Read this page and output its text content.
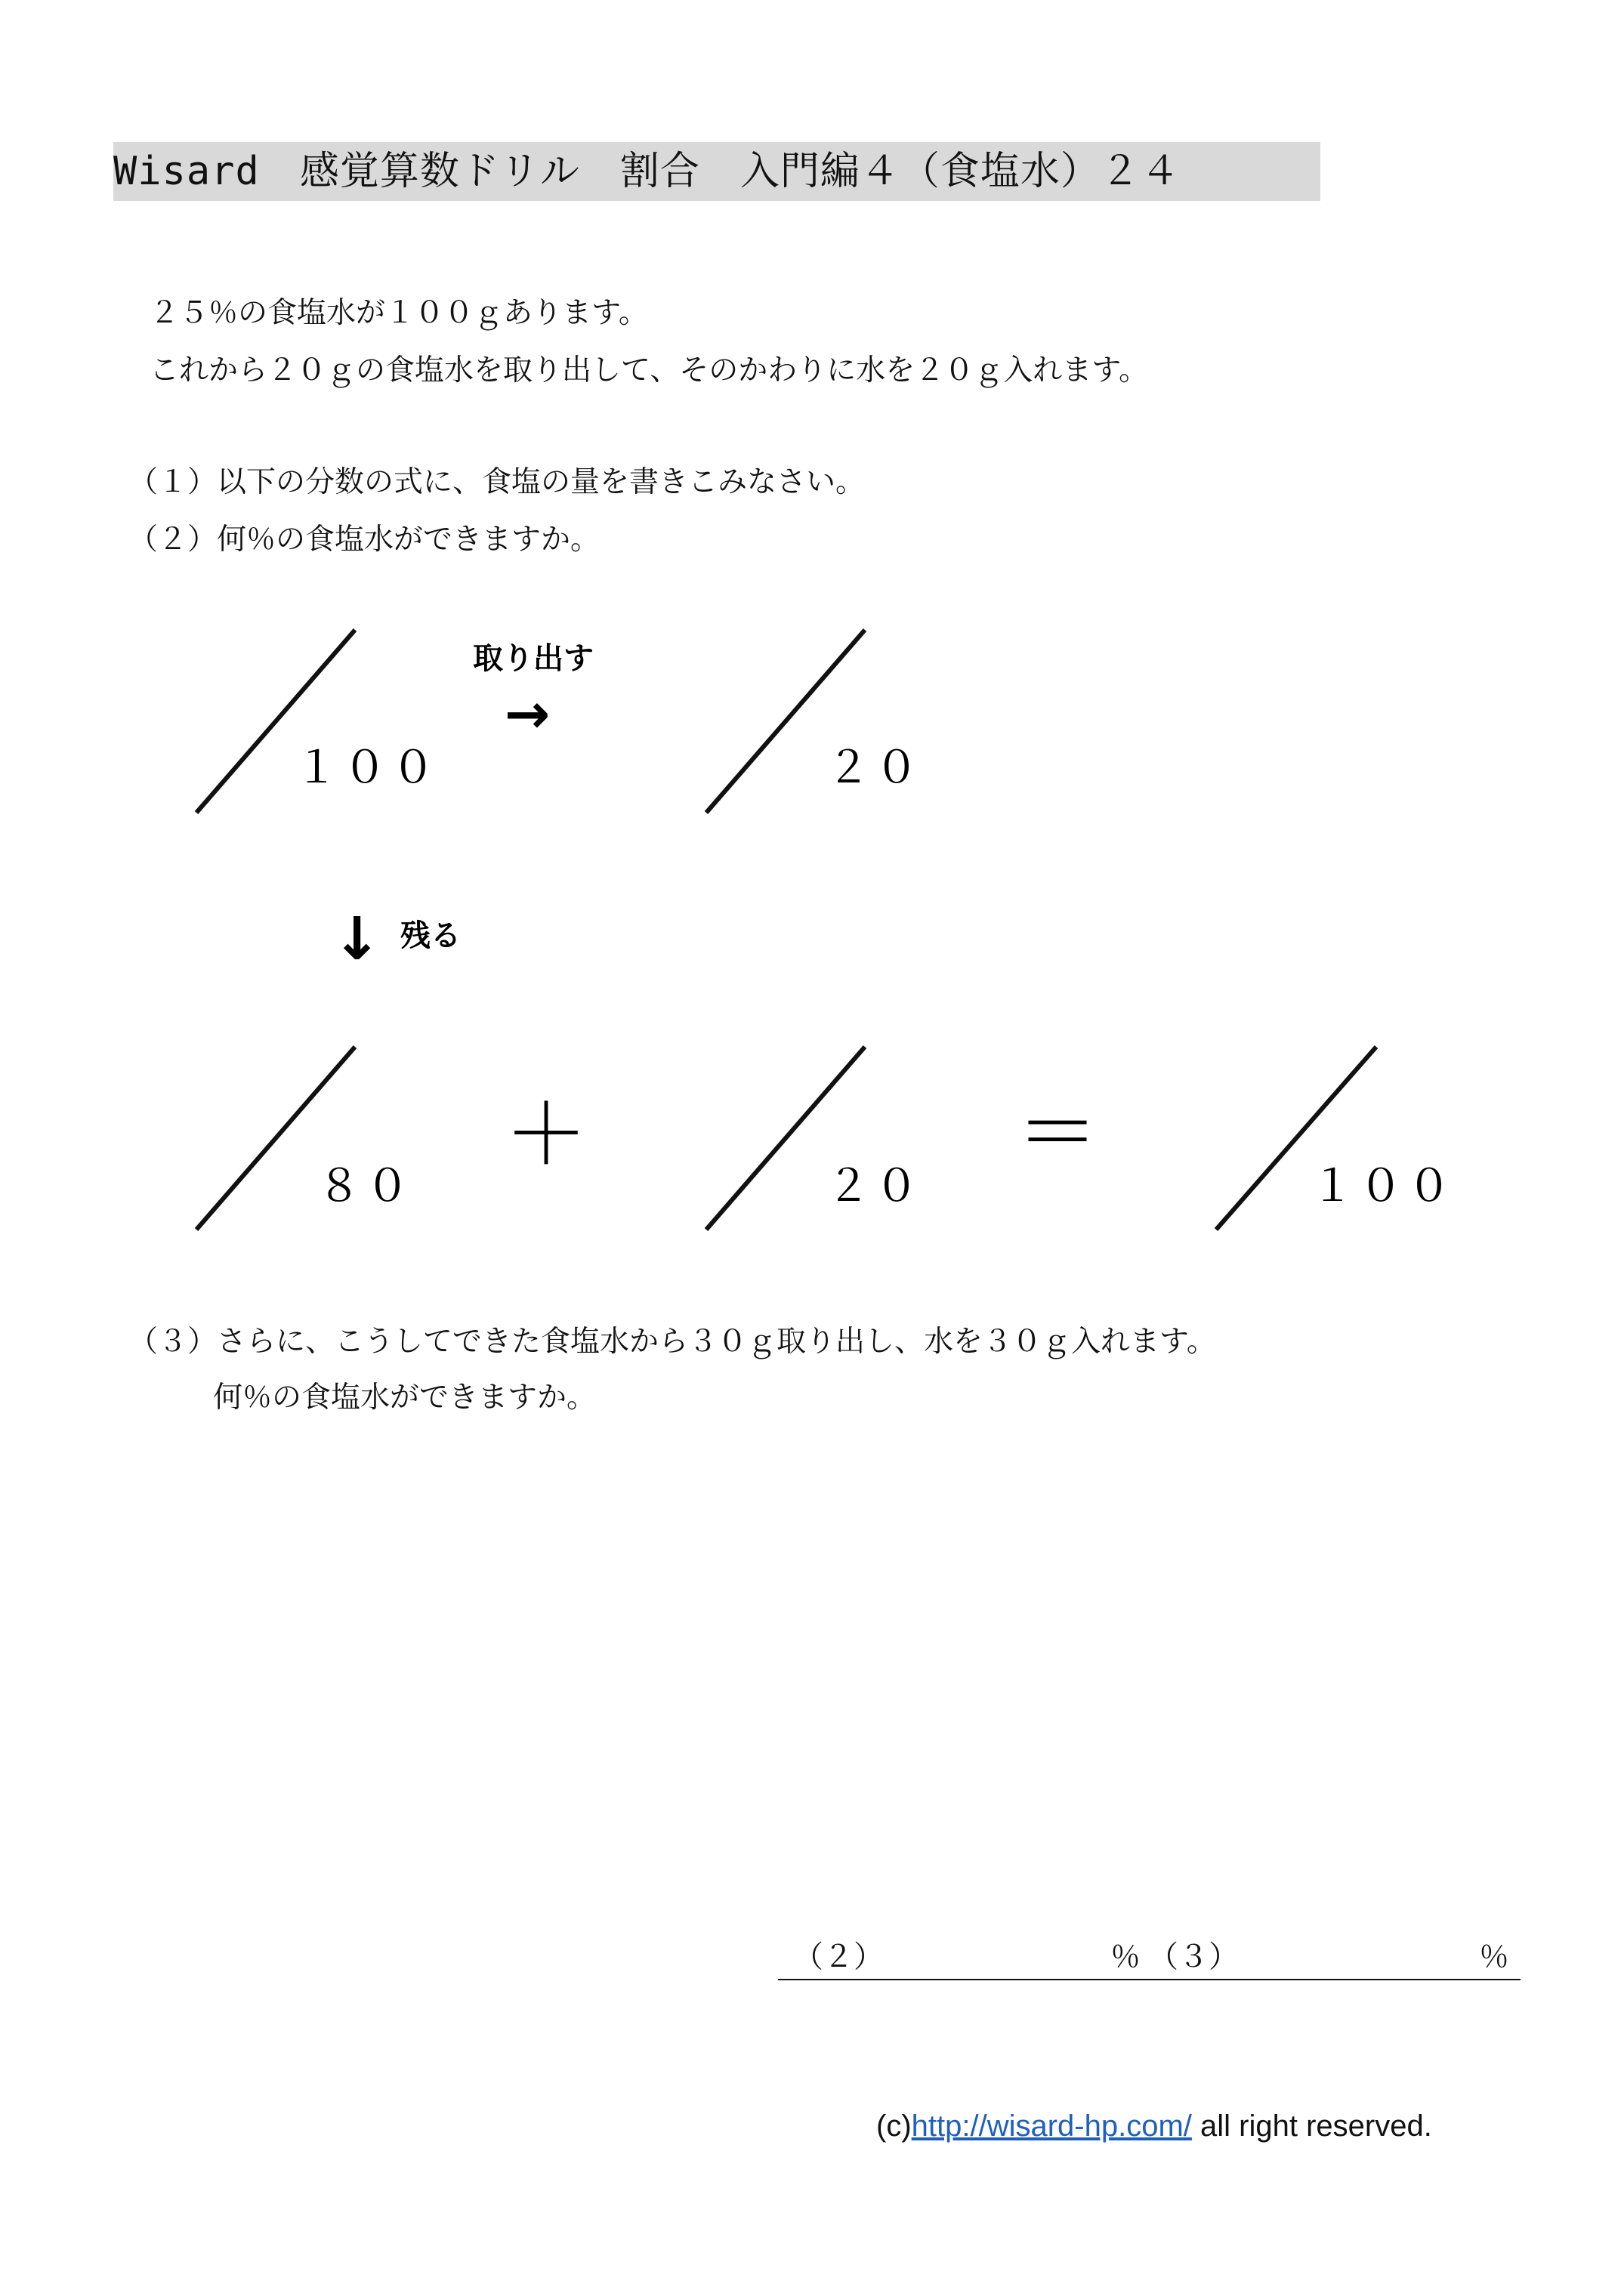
Wisard　感覚算数ドリル　割合　入門編４（食塩水）２４
２５％の食塩水が１００ｇあります。
これから２０ｇの食塩水を取り出して、そのかわりに水を２０ｇ入れます。
（１）以下の分数の式に、食塩の量を書きこみなさい。
（２）何％の食塩水ができますか。
１００
取り出す
→
２０
↓ 残る
８０
＋
２０
＝
１００
（３）さらに、こうしてできた食塩水から３０ｇ取り出し、水を３０ｇ入れます。
何％の食塩水ができますか。
（２）	％ （３）	％
(c)http://wisard-hp.com/ all right reserved.
